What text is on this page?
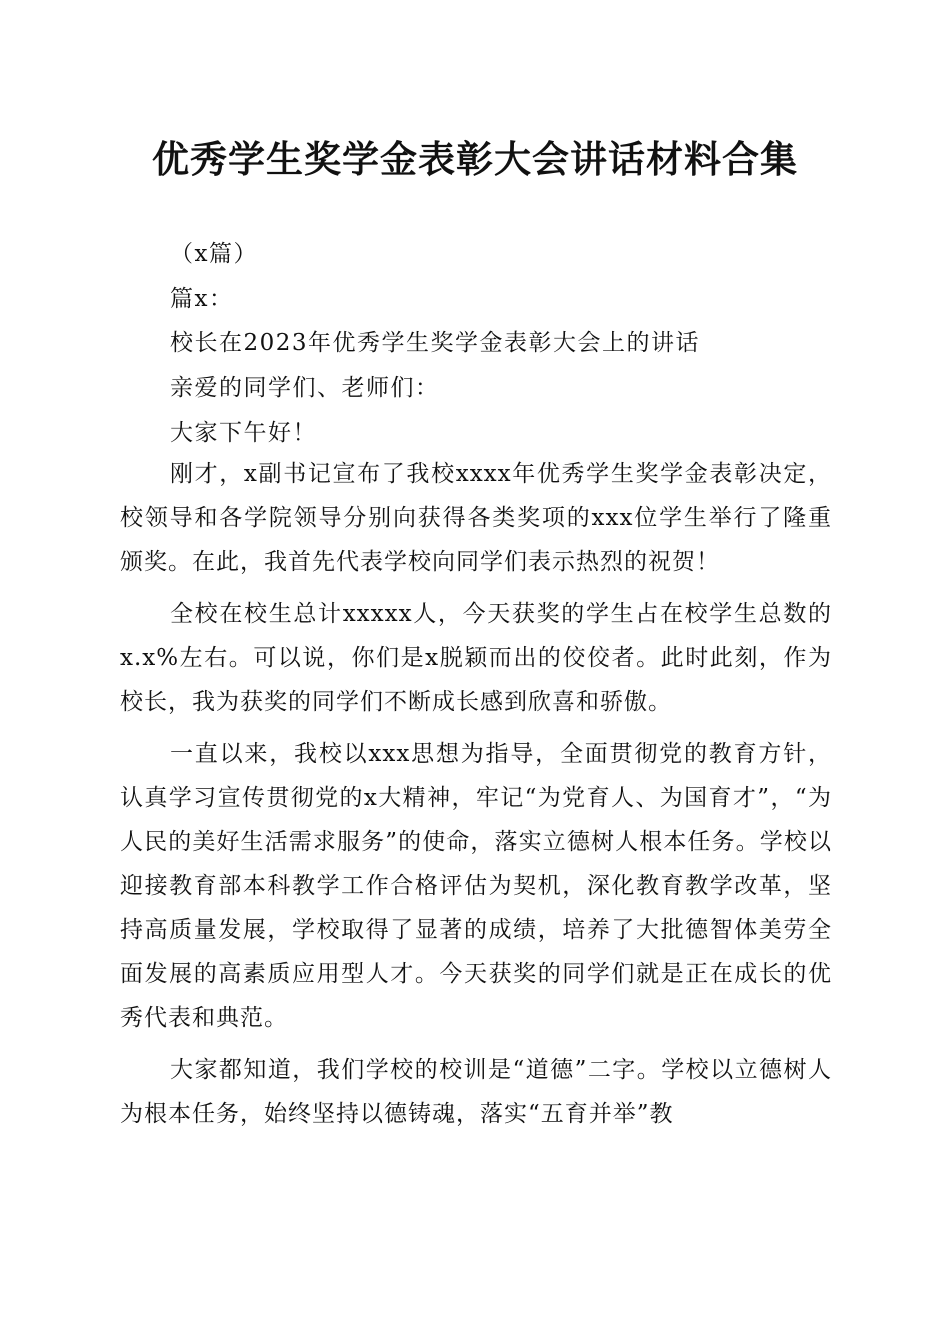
优秀学生奖学金表彰大会讲话材料合集

（x篇）

篇x：

校长在2023年优秀学生奖学金表彰大会上的讲话

亲爱的同学们、老师们：

大家下午好！

刚才，x副书记宣布了我校xxxx年优秀学生奖学金表彰决定，校领导和各学院领导分别向获得各类奖项的xxx位学生举行了隆重颁奖。在此，我首先代表学校向同学们表示热烈的祝贺！

全校在校生总计xxxxx人，今天获奖的学生占在校学生总数的x.x%左右。可以说，你们是x脱颖而出的佼佼者。此时此刻，作为校长，我为获奖的同学们不断成长感到欣喜和骄傲。

一直以来，我校以xxx思想为指导，全面贯彻党的教育方针，认真学习宣传贯彻党的x大精神，牢记“为党育人、为国育才”，“为人民的美好生活需求服务”的使命，落实立德树人根本任务。学校以迎接教育部本科教学工作合格评估为契机，深化教育教学改革，坚持高质量发展，学校取得了显著的成绩，培养了大批德智体美劳全面发展的高素质应用型人才。今天获奖的同学们就是正在成长的优秀代表和典范。

大家都知道，我们学校的校训是“道德”二字。学校以立德树人为根本任务，始终坚持以德铸魂，落实“五育并举”教
